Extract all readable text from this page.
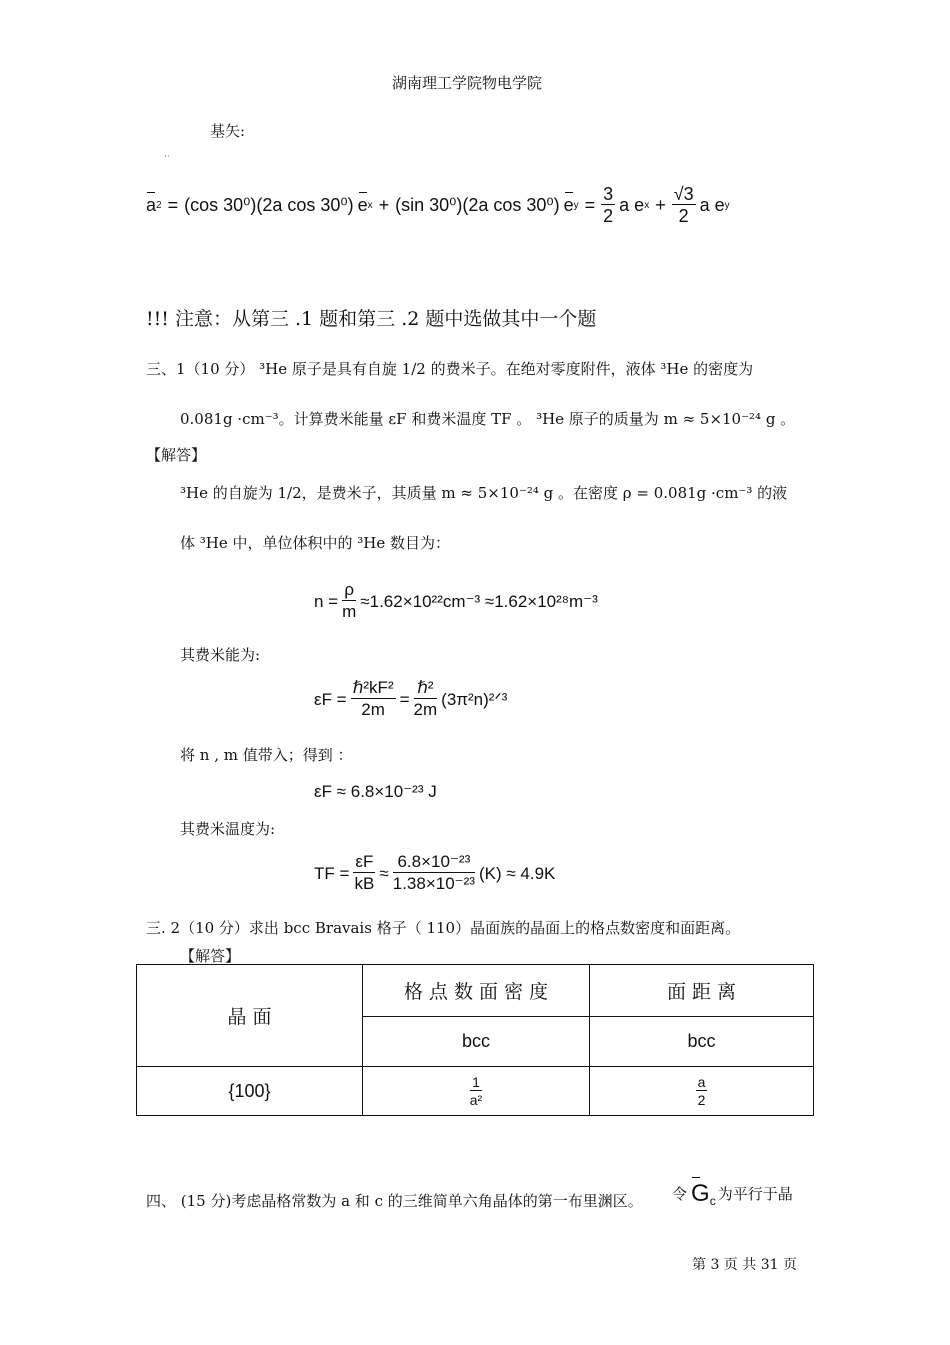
湖南理工学院物电学院
基矢:
··
a 2 = (cos 30⁰)(2a cos 30⁰) e x + (sin 30⁰)(2a cos 30⁰) e $y = \frac{3}{2}$ a e $x + \frac{√3}{2}$ a e y
!!! 注意：从第三 .1 题和第三 .2 题中选做其中一个题
三、1（10 分） ³He 原子是具有自旋 1/2 的费米子。在绝对零度附件，液体 ³He 的密度为
0.081g ·cm⁻³。计算费米能量 εF 和费米温度 TF 。 ³He 原子的质量为 m ≈ 5×10⁻²⁴ g 。
【解答】
³He 的自旋为 1/2，是费米子，其质量 m ≈ 5×10⁻²⁴ g 。在密度 ρ = 0.081g ·cm⁻³ 的液
体 ³He 中，单位体积中的 ³He 数目为：
$n = \frac{\rho}{m} \approx 1.62\times 10^{22}cm^{-3} \approx 1.62\times 10^{28}m^{-3}$
其费米能为:
$\varepsilon F = \frac{\text{ℏ²kF²}}{2m} = \frac{\text{ℏ²}}{2m}$ (3π²n)²ᐟ³
将 n , m 值带入；得到 ：
εF ≈ 6.8×10⁻²³ J
其费米温度为:
TF = $\frac{\varepsilon F}{kB} \approx \frac{\text{6.8×10⁻²³}}{\text{1.38×10⁻²³}} (K) \approx 4.9K$
三. 2（10 分）求出 bcc Bravais 格子（ 110）晶面族的晶面上的格点数密度和面距离。
【解答】
晶 面	格 点 数 面 密 度	面 距 离
	bcc	bcc
{100}	$\frac{1}{\text{a²}}$	$\frac{a}{2}$
四、 (15 分)考虑晶格常数为 a 和 c 的三维简单六角晶体的第一布里渊区。 令 $G_c$ 为平行于晶
第 3 页 共 31 页
